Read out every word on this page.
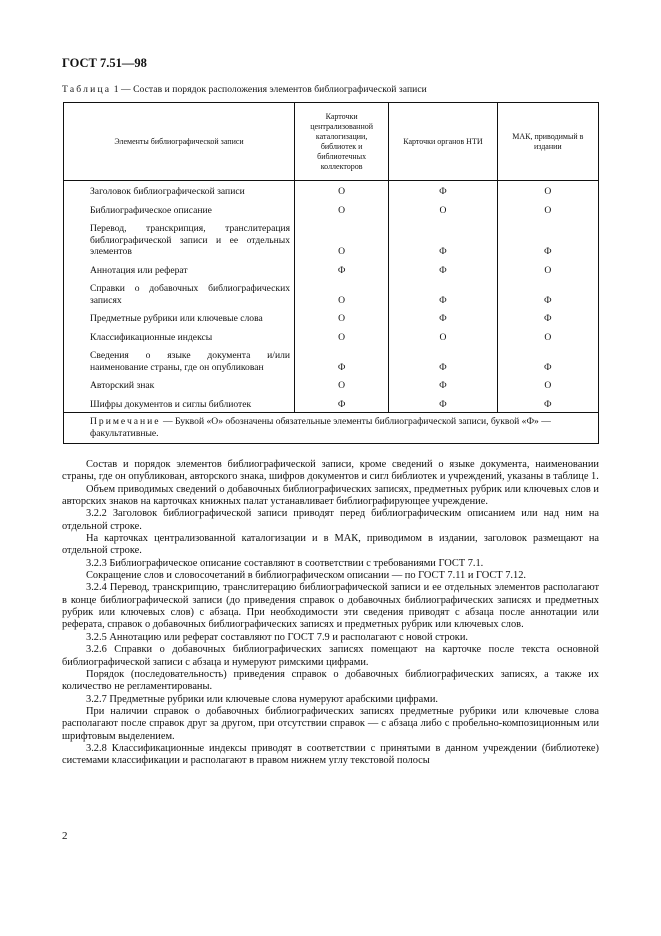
ГОСТ 7.51—98
Таблица 1 — Состав и порядок расположения элементов библиографической записи
Элементы библиографической записи	Карточки централизованной каталогизации, библиотек и библиотечных коллекторов	Карточки органов НТИ	МАК, приводимый в издании
Заголовок библиографической записи	О	Ф	О
Библиографическое описание	О	О	О
Перевод, транскрипция, транслитерация библиографической записи и ее отдельных элементов	О	Ф	Ф
Аннотация или реферат	Ф	Ф	О
Справки о добавочных библиографических записях	О	Ф	Ф
Предметные рубрики или ключевые слова	О	Ф	Ф
Классификационные индексы	О	О	О
Сведения о языке документа и/или наименование страны, где он опубликован	Ф	Ф	Ф
Авторский знак	О	Ф	О
Шифры документов и сиглы библиотек	Ф	Ф	Ф
Примечание — Буквой «О» обозначены обязательные элементы библиографической записи, буквой «Ф» — факультативные.			

Состав и порядок элементов библиографической записи, кроме сведений о языке документа, наименовании страны, где он опубликован, авторского знака, шифров документов и сигл библиотек и учреждений, указаны в таблице 1.

Объем приводимых сведений о добавочных библиографических записях, предметных рубрик или ключевых слов и авторских знаков на карточках книжных палат устанавливает библиографирующее учреждение.

3.2.2 Заголовок библиографической записи приводят перед библиографическим описанием или над ним на отдельной строке.

На карточках централизованной каталогизации и в МАК, приводимом в издании, заголовок размещают на отдельной строке.

3.2.3 Библиографическое описание составляют в соответствии с требованиями ГОСТ 7.1.

Сокращение слов и словосочетаний в библиографическом описании — по ГОСТ 7.11 и ГОСТ 7.12.

3.2.4 Перевод, транскрипцию, транслитерацию библиографической записи и ее отдельных элементов располагают в конце библиографической записи (до приведения справок о добавочных библиографических записях и предметных рубрик или ключевых слов) с абзаца. При необходимости эти сведения приводят с абзаца после аннотации или реферата, справок о добавочных библиографических записях и предметных рубрик или ключевых слов.

3.2.5 Аннотацию или реферат составляют по ГОСТ 7.9 и располагают с новой строки.

3.2.6 Справки о добавочных библиографических записях помещают на карточке после текста основной библиографической записи с абзаца и нумеруют римскими цифрами.

Порядок (последовательность) приведения справок о добавочных библиографических записях, а также их количество не регламентированы.

3.2.7 Предметные рубрики или ключевые слова нумеруют арабскими цифрами.

При наличии справок о добавочных библиографических записях предметные рубрики или ключевые слова располагают после справок друг за другом, при отсутствии справок — с абзаца либо с пробельно-композиционным или шрифтовым выделением.

3.2.8 Классификационные индексы приводят в соответствии с принятыми в данном учреждении (библиотеке) системами классификации и располагают в правом нижнем углу текстовой полосы

2
